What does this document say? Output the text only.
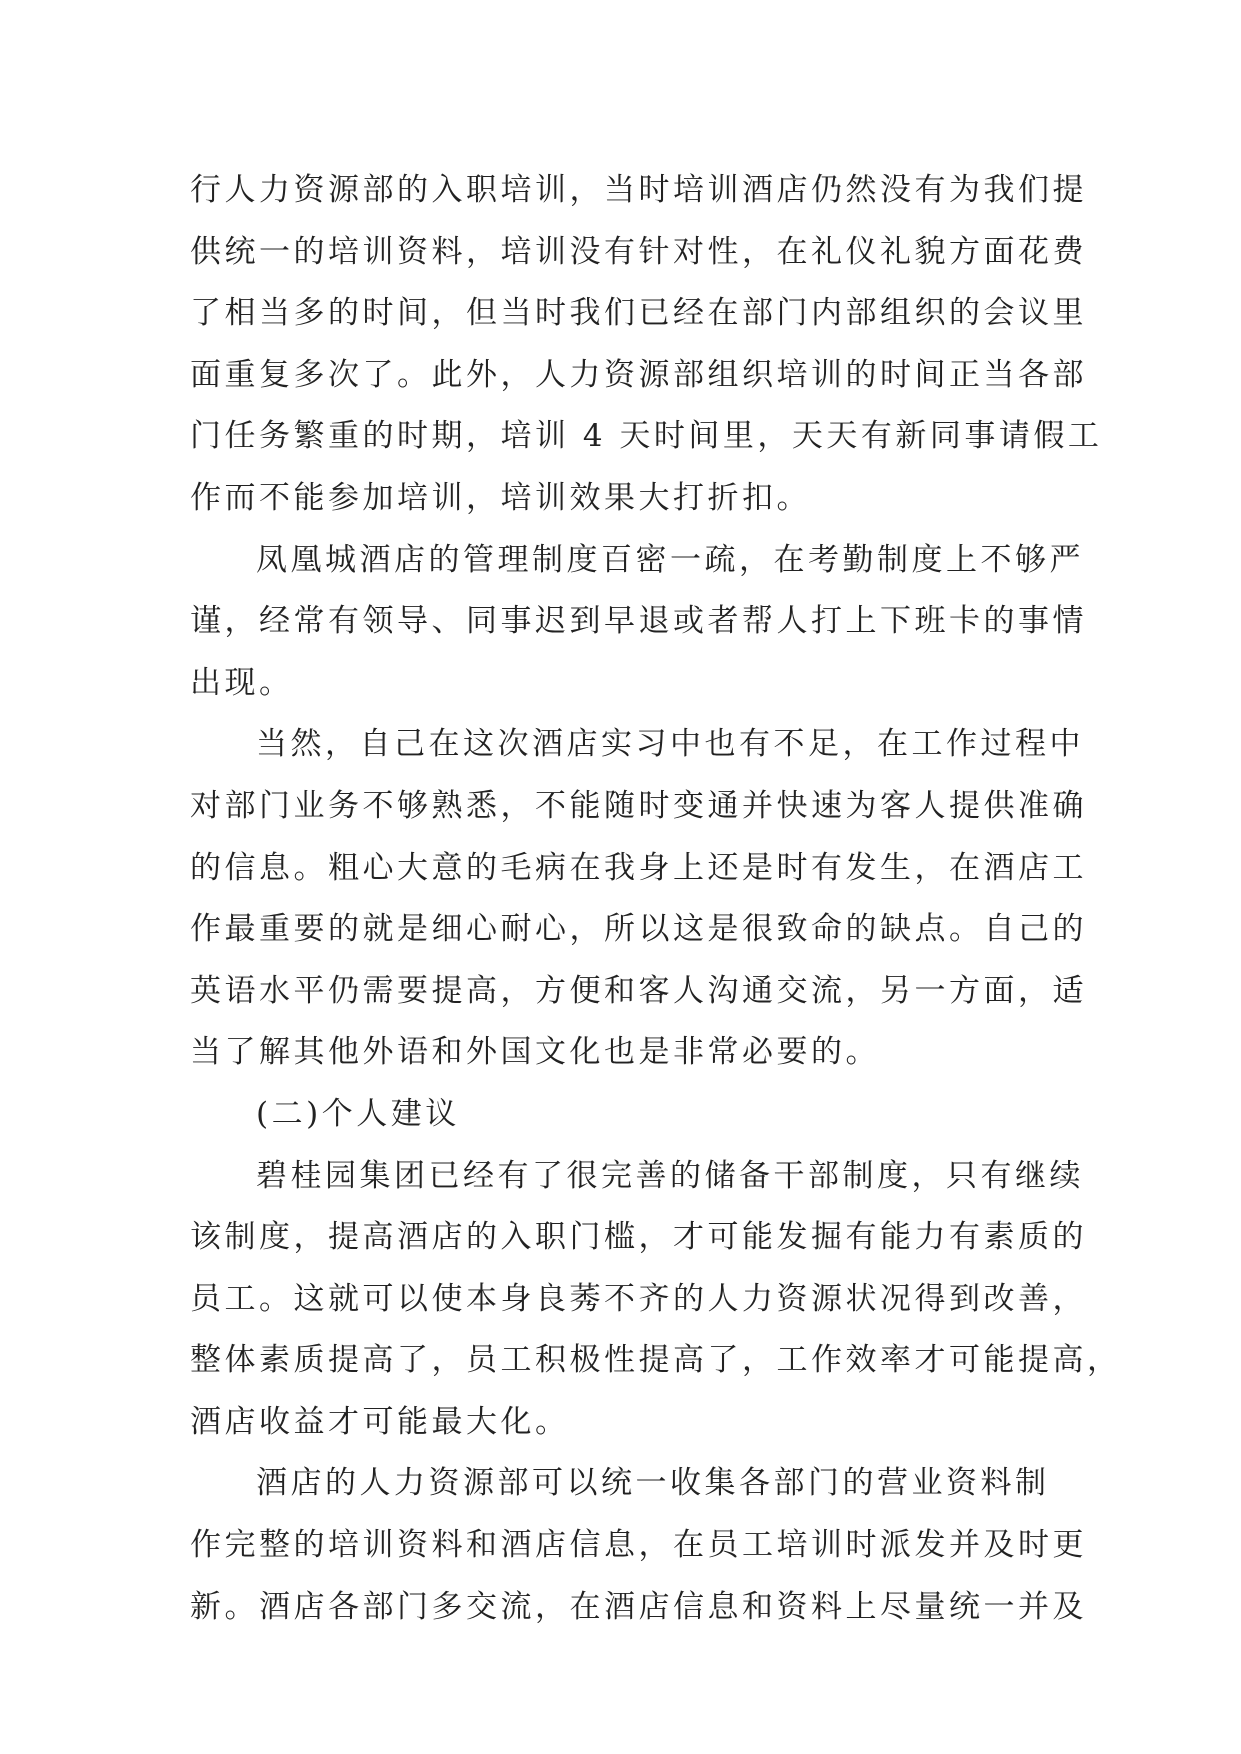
行人力资源部的入职培训，当时培训酒店仍然没有为我们提
供统一的培训资料，培训没有针对性，在礼仪礼貌方面花费
了相当多的时间，但当时我们已经在部门内部组织的会议里
面重复多次了。此外，人力资源部组织培训的时间正当各部
门任务繁重的时期，培训 4 天时间里，天天有新同事请假工
作而不能参加培训，培训效果大打折扣。
凤凰城酒店的管理制度百密一疏，在考勤制度上不够严
谨，经常有领导、同事迟到早退或者帮人打上下班卡的事情
出现。
当然，自己在这次酒店实习中也有不足，在工作过程中
对部门业务不够熟悉，不能随时变通并快速为客人提供准确
的信息。粗心大意的毛病在我身上还是时有发生，在酒店工
作最重要的就是细心耐心，所以这是很致命的缺点。自己的
英语水平仍需要提高，方便和客人沟通交流，另一方面，适
当了解其他外语和外国文化也是非常必要的。
(二)个人建议
碧桂园集团已经有了很完善的储备干部制度，只有继续
该制度，提高酒店的入职门槛，才可能发掘有能力有素质的
员工。这就可以使本身良莠不齐的人力资源状况得到改善，
整体素质提高了，员工积极性提高了，工作效率才可能提高，
酒店收益才可能最大化。
酒店的人力资源部可以统一收集各部门的营业资料制
作完整的培训资料和酒店信息，在员工培训时派发并及时更
新。酒店各部门多交流，在酒店信息和资料上尽量统一并及
